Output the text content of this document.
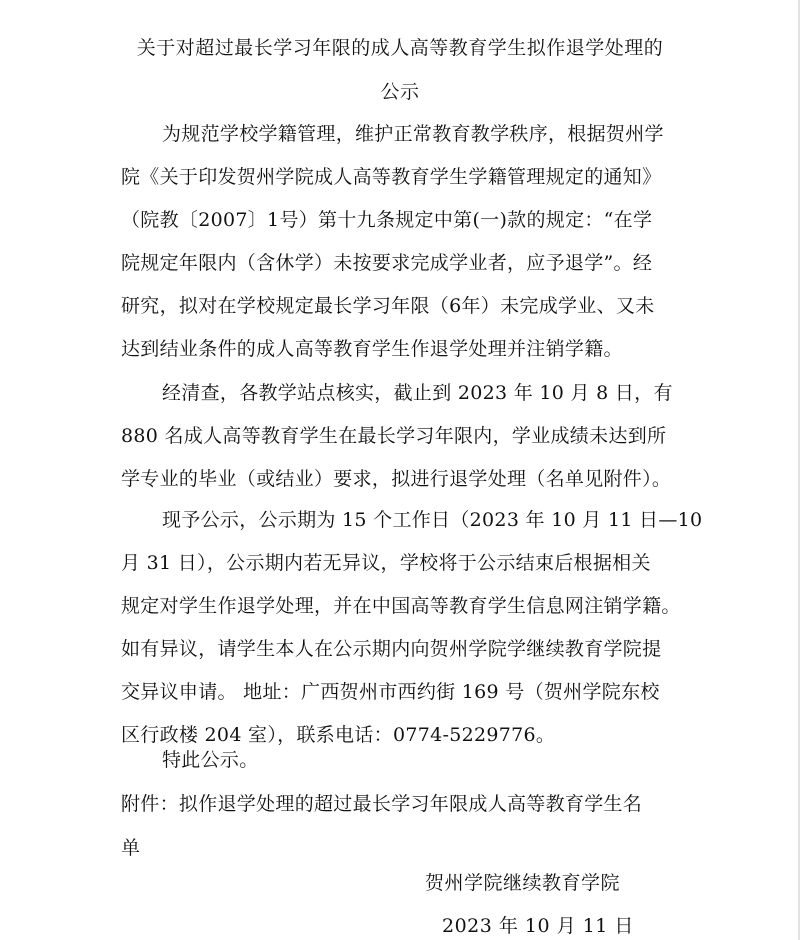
关于对超过最长学习年限的成人高等教育学生拟作退学处理的
公示
为规范学校学籍管理，维护正常教育教学秩序，根据贺州学
院《关于印发贺州学院成人高等教育学生学籍管理规定的通知》
（院教〔2007〕1号）第十九条规定中第(一)款的规定：“在学
院规定年限内（含休学）未按要求完成学业者，应予退学”。经
研究，拟对在学校规定最长学习年限（6年）未完成学业、又未
达到结业条件的成人高等教育学生作退学处理并注销学籍。
经清查，各教学站点核实，截止到 2023 年 10 月 8 日，有
880 名成人高等教育学生在最长学习年限内，学业成绩未达到所
学专业的毕业（或结业）要求，拟进行退学处理（名单见附件）。
现予公示，公示期为 15 个工作日（2023 年 10 月 11 日—10
月 31 日），公示期内若无异议，学校将于公示结束后根据相关
规定对学生作退学处理，并在中国高等教育学生信息网注销学籍。
如有异议，请学生本人在公示期内向贺州学院学继续教育学院提
交异议申请。 地址：广西贺州市西约街 169 号（贺州学院东校
区行政楼 204 室），联系电话：0774-5229776。
特此公示。
附件：拟作退学处理的超过最长学习年限成人高等教育学生名
贺州学院继续教育学院
2023 年 10 月 11 日
单
